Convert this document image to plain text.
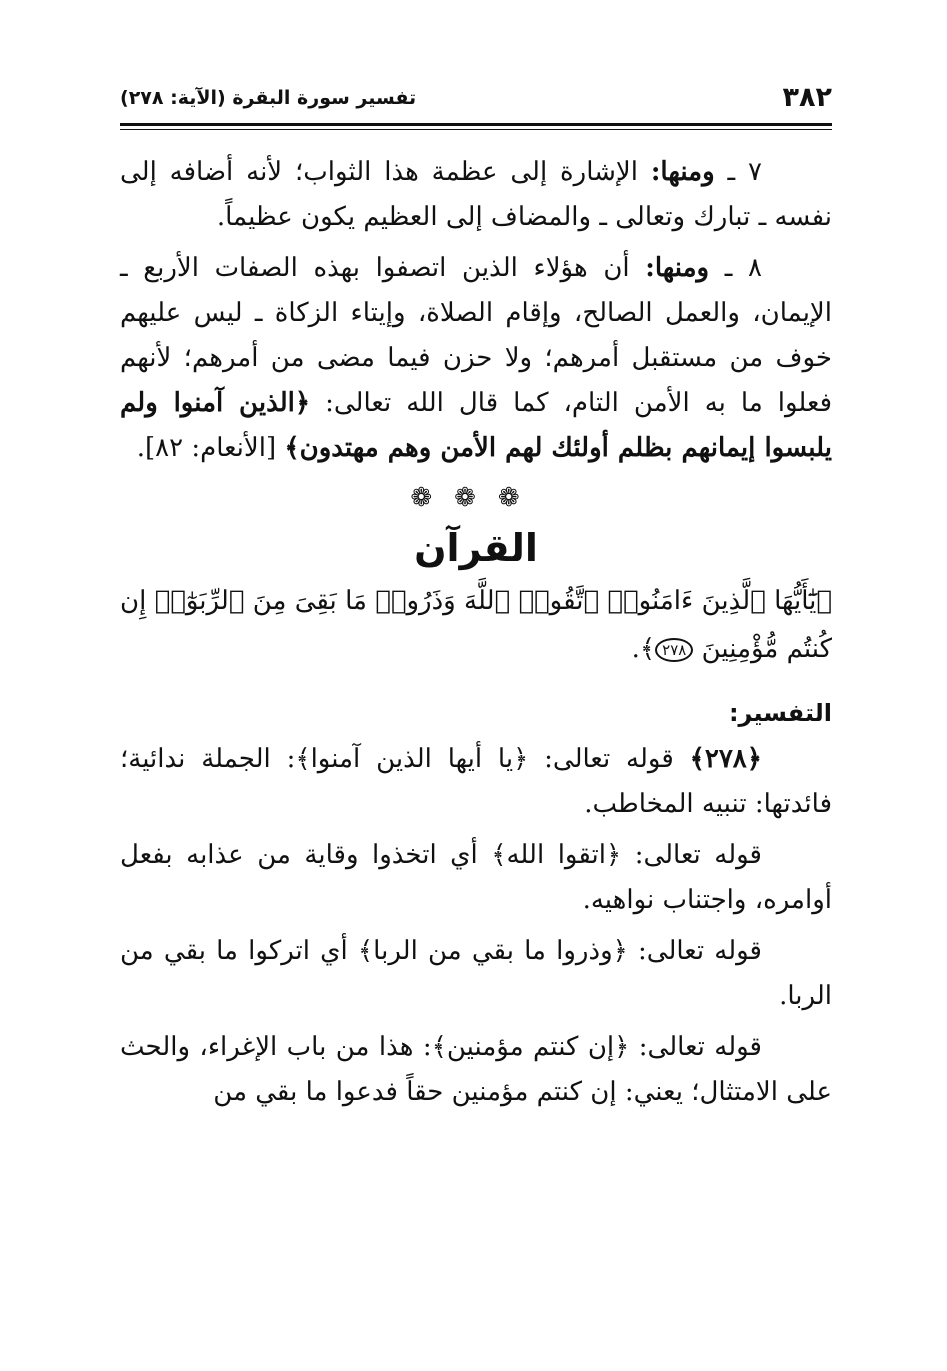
٣٨٢
تفسير سورة البقرة (الآية: ٢٧٨)

٧ ـ ومنها: الإشارة إلى عظمة هذا الثواب؛ لأنه أضافه إلى نفسه ـ تبارك وتعالى ـ والمضاف إلى العظيم يكون عظيماً.

٨ ـ ومنها: أن هؤلاء الذين اتصفوا بهذه الصفات الأربع ـ الإيمان، والعمل الصالح، وإقام الصلاة، وإيتاء الزكاة ـ ليس عليهم خوف من مستقبل أمرهم؛ ولا حزن فيما مضى من أمرهم؛ لأنهم فعلوا ما به الأمن التام، كما قال الله تعالى: ﴿الذين آمنوا ولم يلبسوا إيمانهم بظلم أولئك لهم الأمن وهم مهتدون﴾ [الأنعام: ٨٢].

❁❁❁
القرآن

﴿يَٰٓأَيُّهَا ٱلَّذِينَ ءَامَنُوا۟ ٱتَّقُوا۟ ٱللَّهَ وَذَرُوا۟ مَا بَقِىَ مِنَ ٱلرِّبَوٰٓا۟ إِن كُنتُم مُّؤْمِنِينَ ٢٧٨﴾.

التفسير:

﴿٢٧٨﴾ قوله تعالى: ﴿يا أيها الذين آمنوا﴾: الجملة ندائية؛ فائدتها: تنبيه المخاطب.

قوله تعالى: ﴿اتقوا الله﴾ أي اتخذوا وقاية من عذابه بفعل أوامره، واجتناب نواهيه.

قوله تعالى: ﴿وذروا ما بقي من الربا﴾ أي اتركوا ما بقي من الربا.

قوله تعالى: ﴿إن كنتم مؤمنين﴾: هذا من باب الإغراء، والحث على الامتثال؛ يعني: إن كنتم مؤمنين حقاً فدعوا ما بقي من
